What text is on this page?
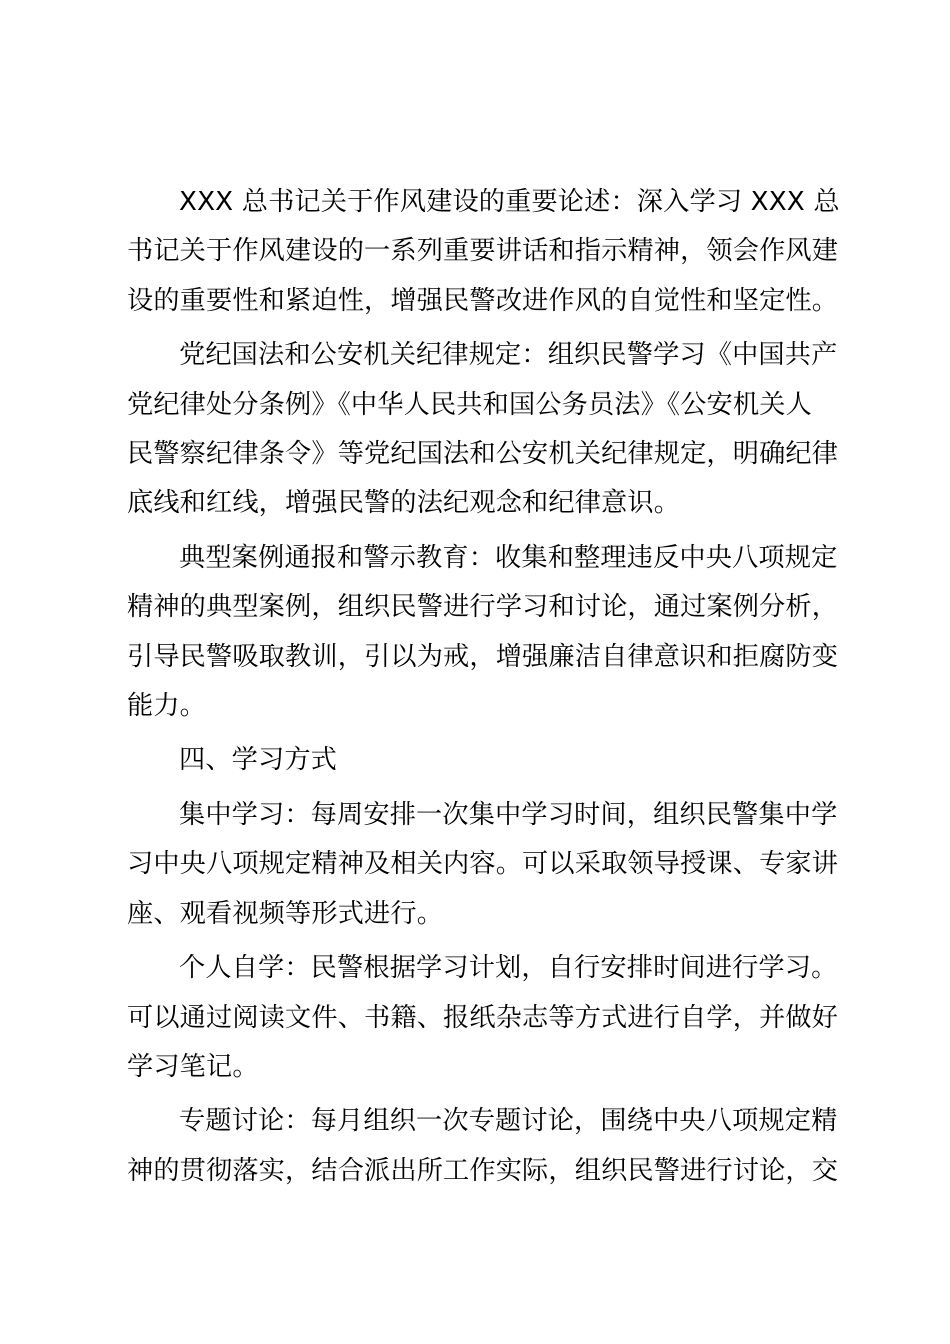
XXX 总书记关于作风建设的重要论述：深入学习 XXX 总
书记关于作风建设的一系列重要讲话和指示精神，领会作风建
设的重要性和紧迫性，增强民警改进作风的自觉性和坚定性。
党纪国法和公安机关纪律规定：组织民警学习《中国共产
党纪律处分条例》《中华人民共和国公务员法》《公安机关人
民警察纪律条令》等党纪国法和公安机关纪律规定，明确纪律
底线和红线，增强民警的法纪观念和纪律意识。
典型案例通报和警示教育：收集和整理违反中央八项规定
精神的典型案例，组织民警进行学习和讨论，通过案例分析，
引导民警吸取教训，引以为戒，增强廉洁自律意识和拒腐防变
能力。
四、学习方式
集中学习：每周安排一次集中学习时间，组织民警集中学
习中央八项规定精神及相关内容。可以采取领导授课、专家讲
座、观看视频等形式进行。
个人自学：民警根据学习计划，自行安排时间进行学习。
可以通过阅读文件、书籍、报纸杂志等方式进行自学，并做好
学习笔记。
专题讨论：每月组织一次专题讨论，围绕中央八项规定精
神的贯彻落实，结合派出所工作实际，组织民警进行讨论，交
